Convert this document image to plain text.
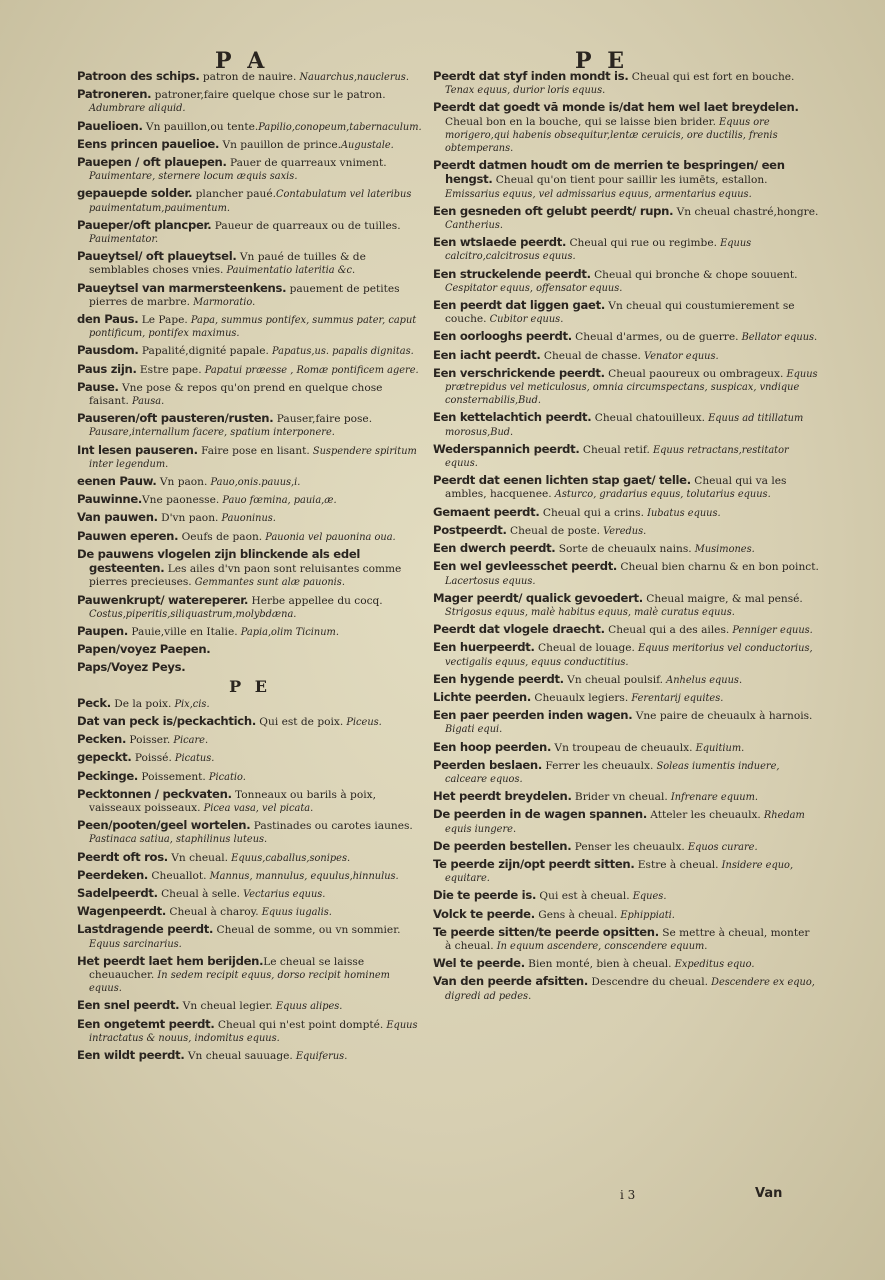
P A	P E
Patroon des schips. patron de nauire. Nauarchus,nauclerus.
Patroneren. patroner,faire quelque chose sur le patron. Adumbrare aliquid.
Pauelioen. Vn pauillon,ou tente.Papilio,conopeum,tabernaculum.
Eens princen pauelioe. Vn pauillon de prince.Augustale.
Pauepen / oft plauepen. Pauer de quarreaux vniment. Pauimentare, sternere locum æquis saxis.
gepauepde solder. plancher paué.Contabulatum vel lateribus pauimentatum,pauimentum.
Paueper/oft plancper. Paueur de quarreaux ou de tuilles. Pauimentator.
Paueytsel/ oft plaueytsel. Vn paué de tuilles & de semblables choses vnies. Pauimentatio lateritia &c.
Paueytsel van marmersteenkens. pauement de petites pierres de marbre. Marmoratio.
den Paus. Le Pape. Papa, summus pontifex, summus pater, caput pontificum, pontifex maximus.
Pausdom. Papalité,dignité papale. Papatus,us. papalis dignitas.
Paus zijn. Estre pape. Papatui præesse , Romæ pontificem agere.
Pause. Vne pose & repos qu'on prend en quelque chose faisant. Pausa.
Pauseren/oft pausteren/rusten. Pauser,faire pose. Pausare,internallum facere, spatium interponere.
Int lesen pauseren. Faire pose en lisant. Suspendere spiritum inter legendum.
eenen Pauw. Vn paon. Pauo,onis.pauus,i.
Pauwinne.Vne paonesse. Pauo fœmina, pauia,æ.
Van pauwen. D'vn paon. Pauoninus.
Pauwen eperen. Oeufs de paon. Pauonia vel pauonina oua.
De pauwens vlogelen zijn blinckende als edel gesteenten. Les ailes d'vn paon sont reluisantes comme pierres precieuses. Gemmantes sunt alæ pauonis.
Pauwenkrupt/ watereperer. Herbe appellee du cocq. Costus,piperitis,siliquastrum,molybdæna.
Paupen. Pauie,ville en Italie. Papia,olim Ticinum.
Papen/voyez Paepen.
Paps/Voyez Peys.
P E
Peck. De la poix. Pix,cis.
Dat van peck is/peckachtich. Qui est de poix. Piceus.
Pecken. Poisser. Picare.
gepeckt. Poissé. Picatus.
Peckinge. Poissement. Picatio.
Pecktonnen / peckvaten. Tonneaux ou barils à poix, vaisseaux poisseaux. Picea vasa, vel picata.
Peen/pooten/geel wortelen. Pastinades ou carotes iaunes. Pastinaca satiua, staphilinus luteus.
Peerdt oft ros. Vn cheual. Equus,caballus,sonipes.
Peerdeken. Cheuallot. Mannus, mannulus, equulus,hinnulus.
Sadelpeerdt. Cheual à selle. Vectarius equus.
Wagenpeerdt. Cheual à charoy. Equus iugalis.
Lastdragende peerdt. Cheual de somme, ou vn sommier. Equus sarcinarius.
Het peerdt laet hem berijden.Le cheual se laisse cheuaucher. In sedem recipit equus, dorso recipit hominem equus.
Een snel peerdt. Vn cheual legier. Equus alipes.
Een ongetemt peerdt. Cheual qui n'est point dompté. Equus intractatus & nouus, indomitus equus.
Een wildt peerdt. Vn cheual sauuage. Equiferus.
Peerdt dat styf inden mondt is. Cheual qui est fort en bouche. Tenax equus, durior loris equus.
Peerdt dat goedt vā monde is/dat hem wel laet breydelen. Cheual bon en la bouche, qui se laisse bien brider. Equus ore morigero,qui habenis obsequitur,lentæ ceruicis, ore ductilis, frenis obtemperans.
Peerdt datmen houdt om de merrien te bespringen/ een hengst. Cheual qu'on tient pour saillir les iumēts, estallon. Emissarius equus, vel admissarius equus, armentarius equus.
Een gesneden oft gelubt peerdt/ rupn. Vn cheual chastré,hongre. Cantherius.
Een wtslaede peerdt. Cheual qui rue ou regimbe. Equus calcitro,calcitrosus equus.
Een struckelende peerdt. Cheual qui bronche & chope souuent. Cespitator equus, offensator equus.
Een peerdt dat liggen gaet. Vn cheual qui coustumierement se couche. Cubitor equus.
Een oorlooghs peerdt. Cheual d'armes, ou de guerre. Bellator equus.
Een iacht peerdt. Cheual de chasse. Venator equus.
Een verschrickende peerdt. Cheual paoureux ou ombrageux. Equus prætrepidus vel meticulosus, omnia circumspectans, suspicax, vndique consternabilis,Bud.
Een kettelachtich peerdt. Cheual chatouilleux. Equus ad titillatum morosus,Bud.
Wederspannich peerdt. Cheual retif. Equus retractans,restitator equus.
Peerdt dat eenen lichten stap gaet/ telle. Cheual qui va les ambles, hacquenee. Asturco, gradarius equus, tolutarius equus.
Gemaent peerdt. Cheual qui a crins. Iubatus equus.
Postpeerdt. Cheual de poste. Veredus.
Een dwerch peerdt. Sorte de cheuaulx nains. Musimones.
Een wel gevleesschet peerdt. Cheual bien charnu & en bon poinct. Lacertosus equus.
Mager peerdt/ qualick gevoedert. Cheual maigre, & mal pensé. Strigosus equus, malè habitus equus, malè curatus equus.
Peerdt dat vlogele draecht. Cheual qui a des ailes. Penniger equus.
Een huerpeerdt. Cheual de louage. Equus meritorius vel conductorius, vectigalis equus, equus conductitius.
Een hygende peerdt. Vn cheual poulsif. Anhelus equus.
Lichte peerden. Cheuaulx legiers. Ferentarij equites.
Een paer peerden inden wagen. Vne paire de cheuaulx à harnois. Bigati equi.
Een hoop peerden. Vn troupeau de cheuaulx. Equitium.
Peerden beslaen. Ferrer les cheuaulx. Soleas iumentis induere, calceare equos.
Het peerdt breydelen. Brider vn cheual. Infrenare equum.
De peerden in de wagen spannen. Atteler les cheuaulx. Rhedam equis iungere.
De peerden bestellen. Penser les cheuaulx. Equos curare.
Te peerde zijn/opt peerdt sitten. Estre à cheual. Insidere equo, equitare.
Die te peerde is. Qui est à cheual. Eques.
Volck te peerde. Gens à cheual. Ephippiati.
Te peerde sitten/te peerde opsitten. Se mettre à cheual, monter à cheual. In equum ascendere, conscendere equum.
Wel te peerde. Bien monté, bien à cheual. Expeditus equo.
Van den peerde afsitten. Descendre du cheual. Descendere ex equo, digredi ad pedes.
i 3	Van
